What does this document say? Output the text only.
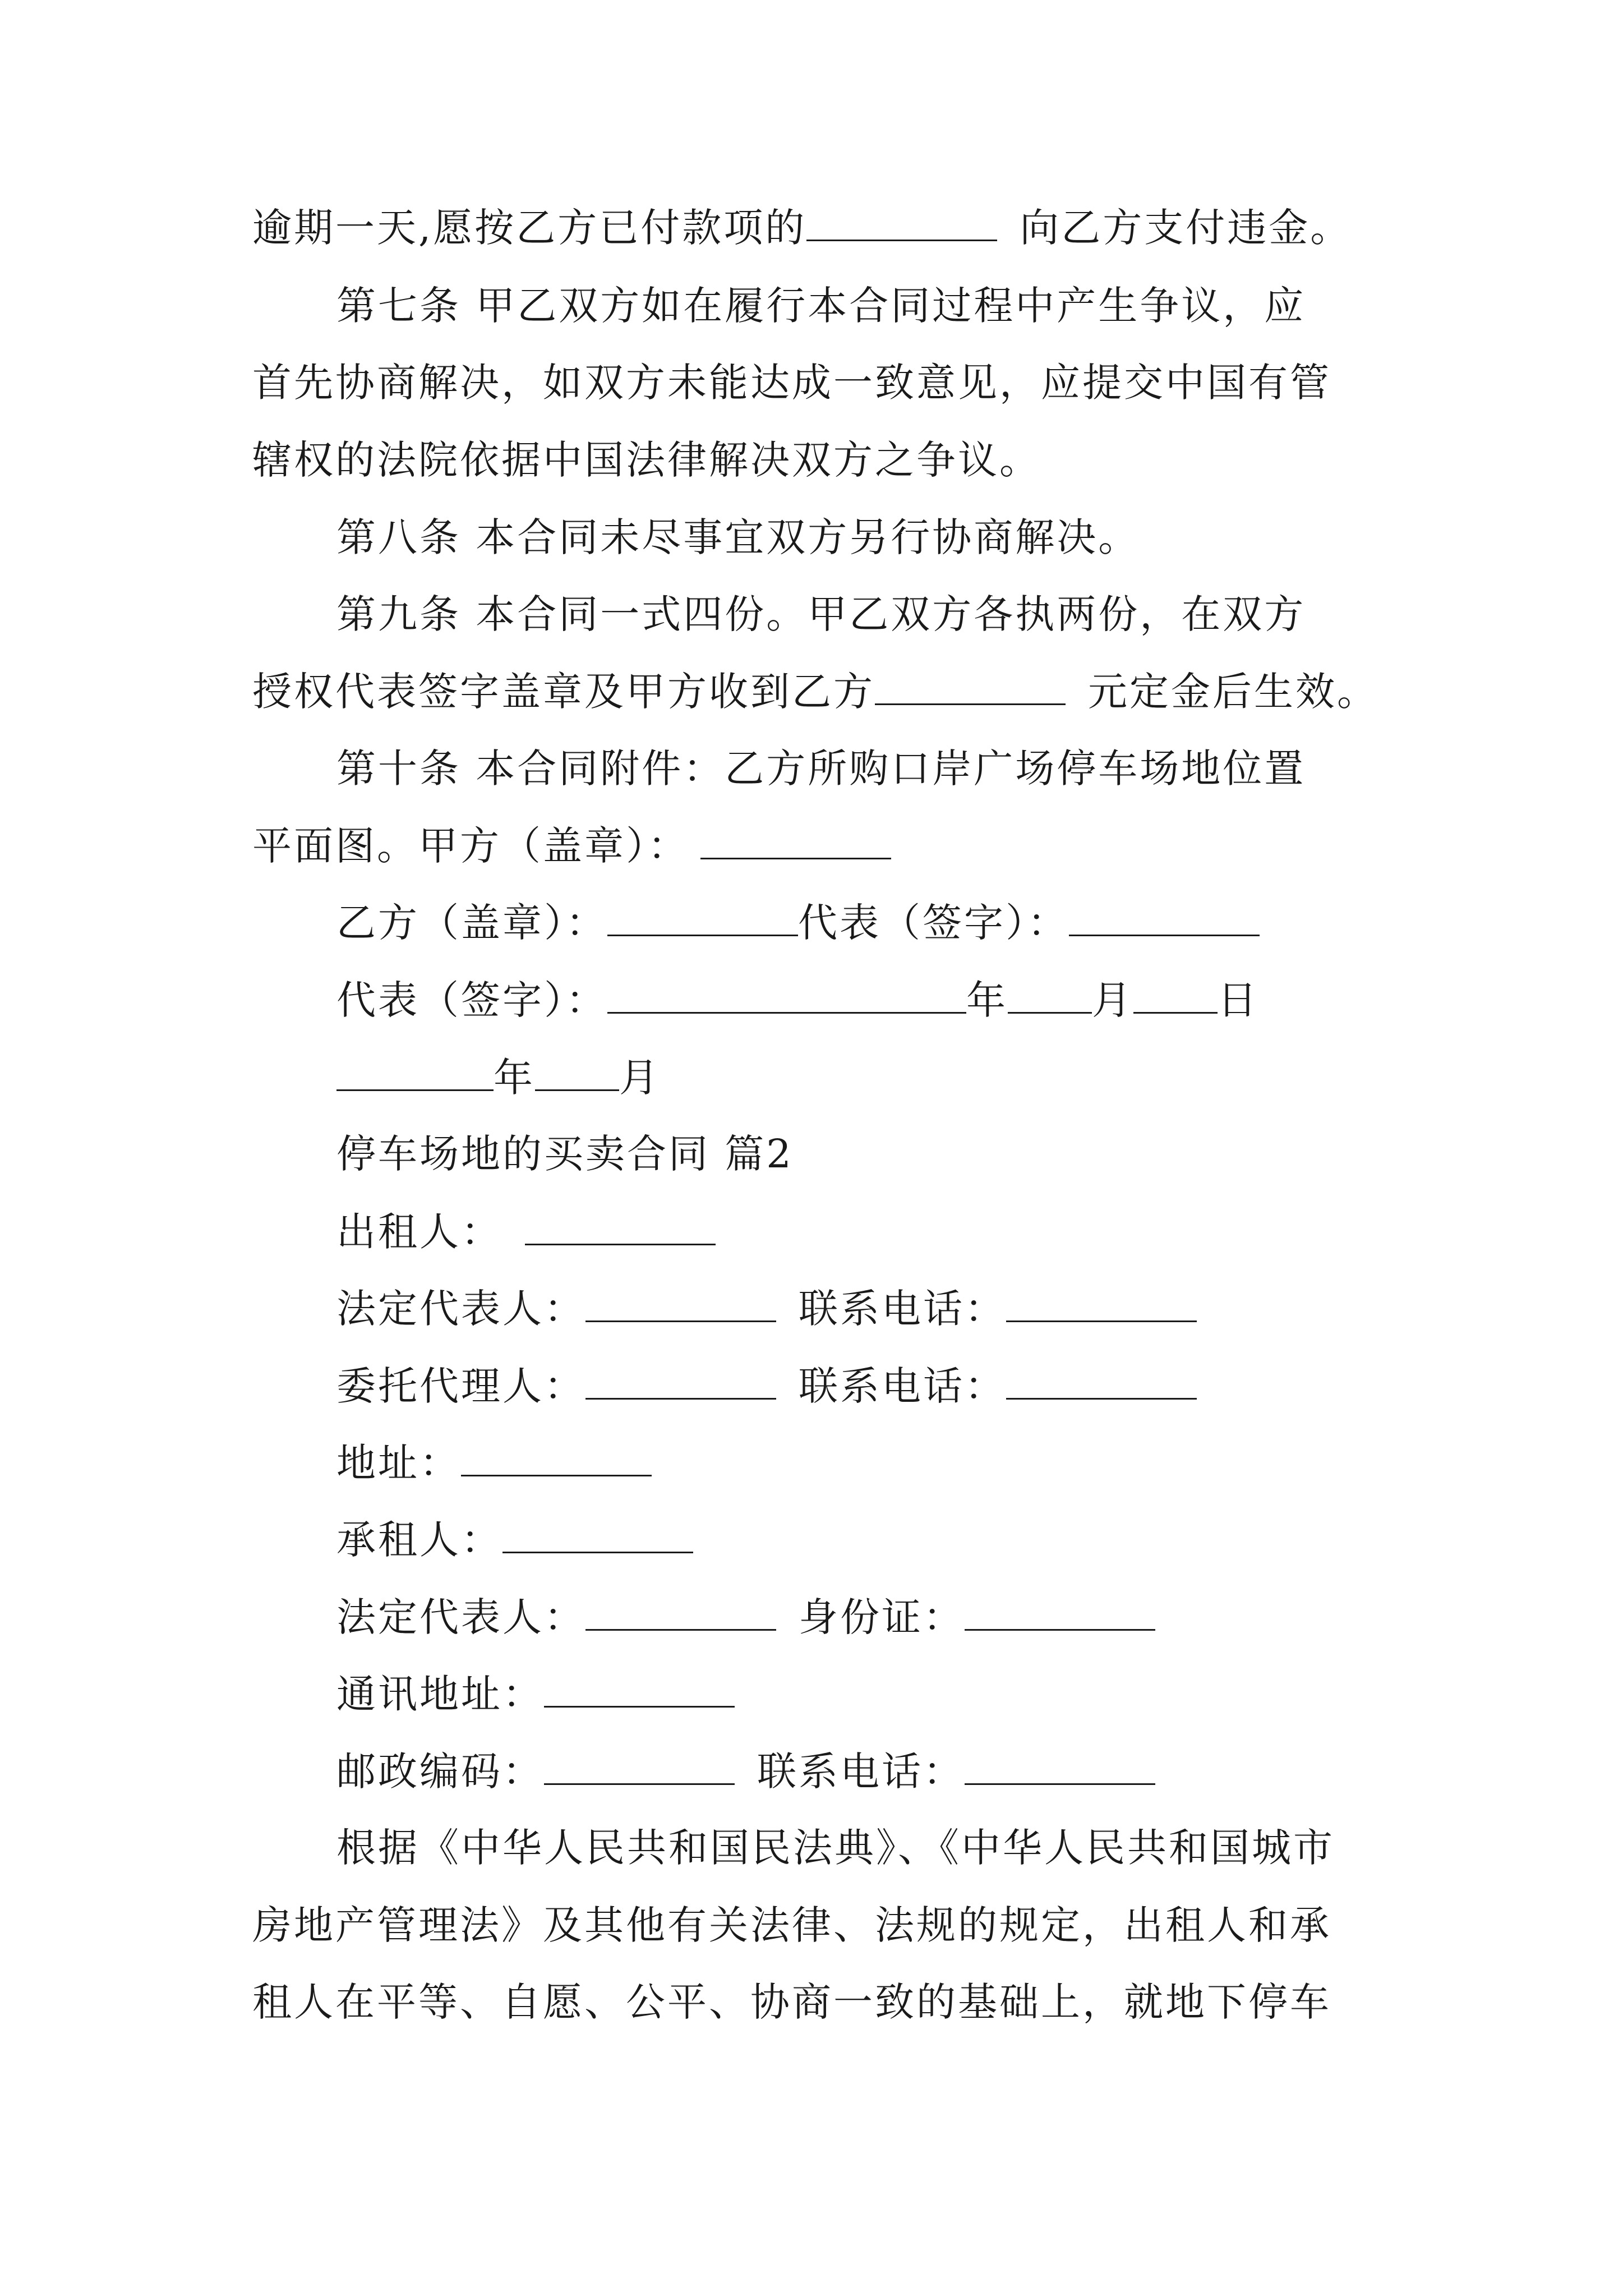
逾期一天,愿按乙方已付款项的	向乙方支付违金。
第七条 甲乙双方如在履行本合同过程中产生争议，应
首先协商解决，如双方未能达成一致意见，应提交中国有管
辖权的法院依据中国法律解决双方之争议。
第八条 本合同未尽事宜双方另行协商解决。
第九条 本合同一式四份。甲乙双方各执两份，在双方
授权代表签字盖章及甲方收到乙方	元定金后生效。
第十条 本合同附件：乙方所购口岸广场停车场地位置
平面图。甲方（盖章）：
乙方（盖章）：	代表（签字）：
代表（签字）：	年 月 日
年 月
停车场地的买卖合同 篇2
出租人：
法定代表人：	联系电话：
委托代理人：	联系电话：
地址：
承租人：
法定代表人：	身份证：
通讯地址：
邮政编码：	联系电话：
根据《中华人民共和国民法典》、《中华人民共和国城市
房地产管理法》及其他有关法律、法规的规定，出租人和承
租人在平等、自愿、公平、协商一致的基础上，就地下停车
